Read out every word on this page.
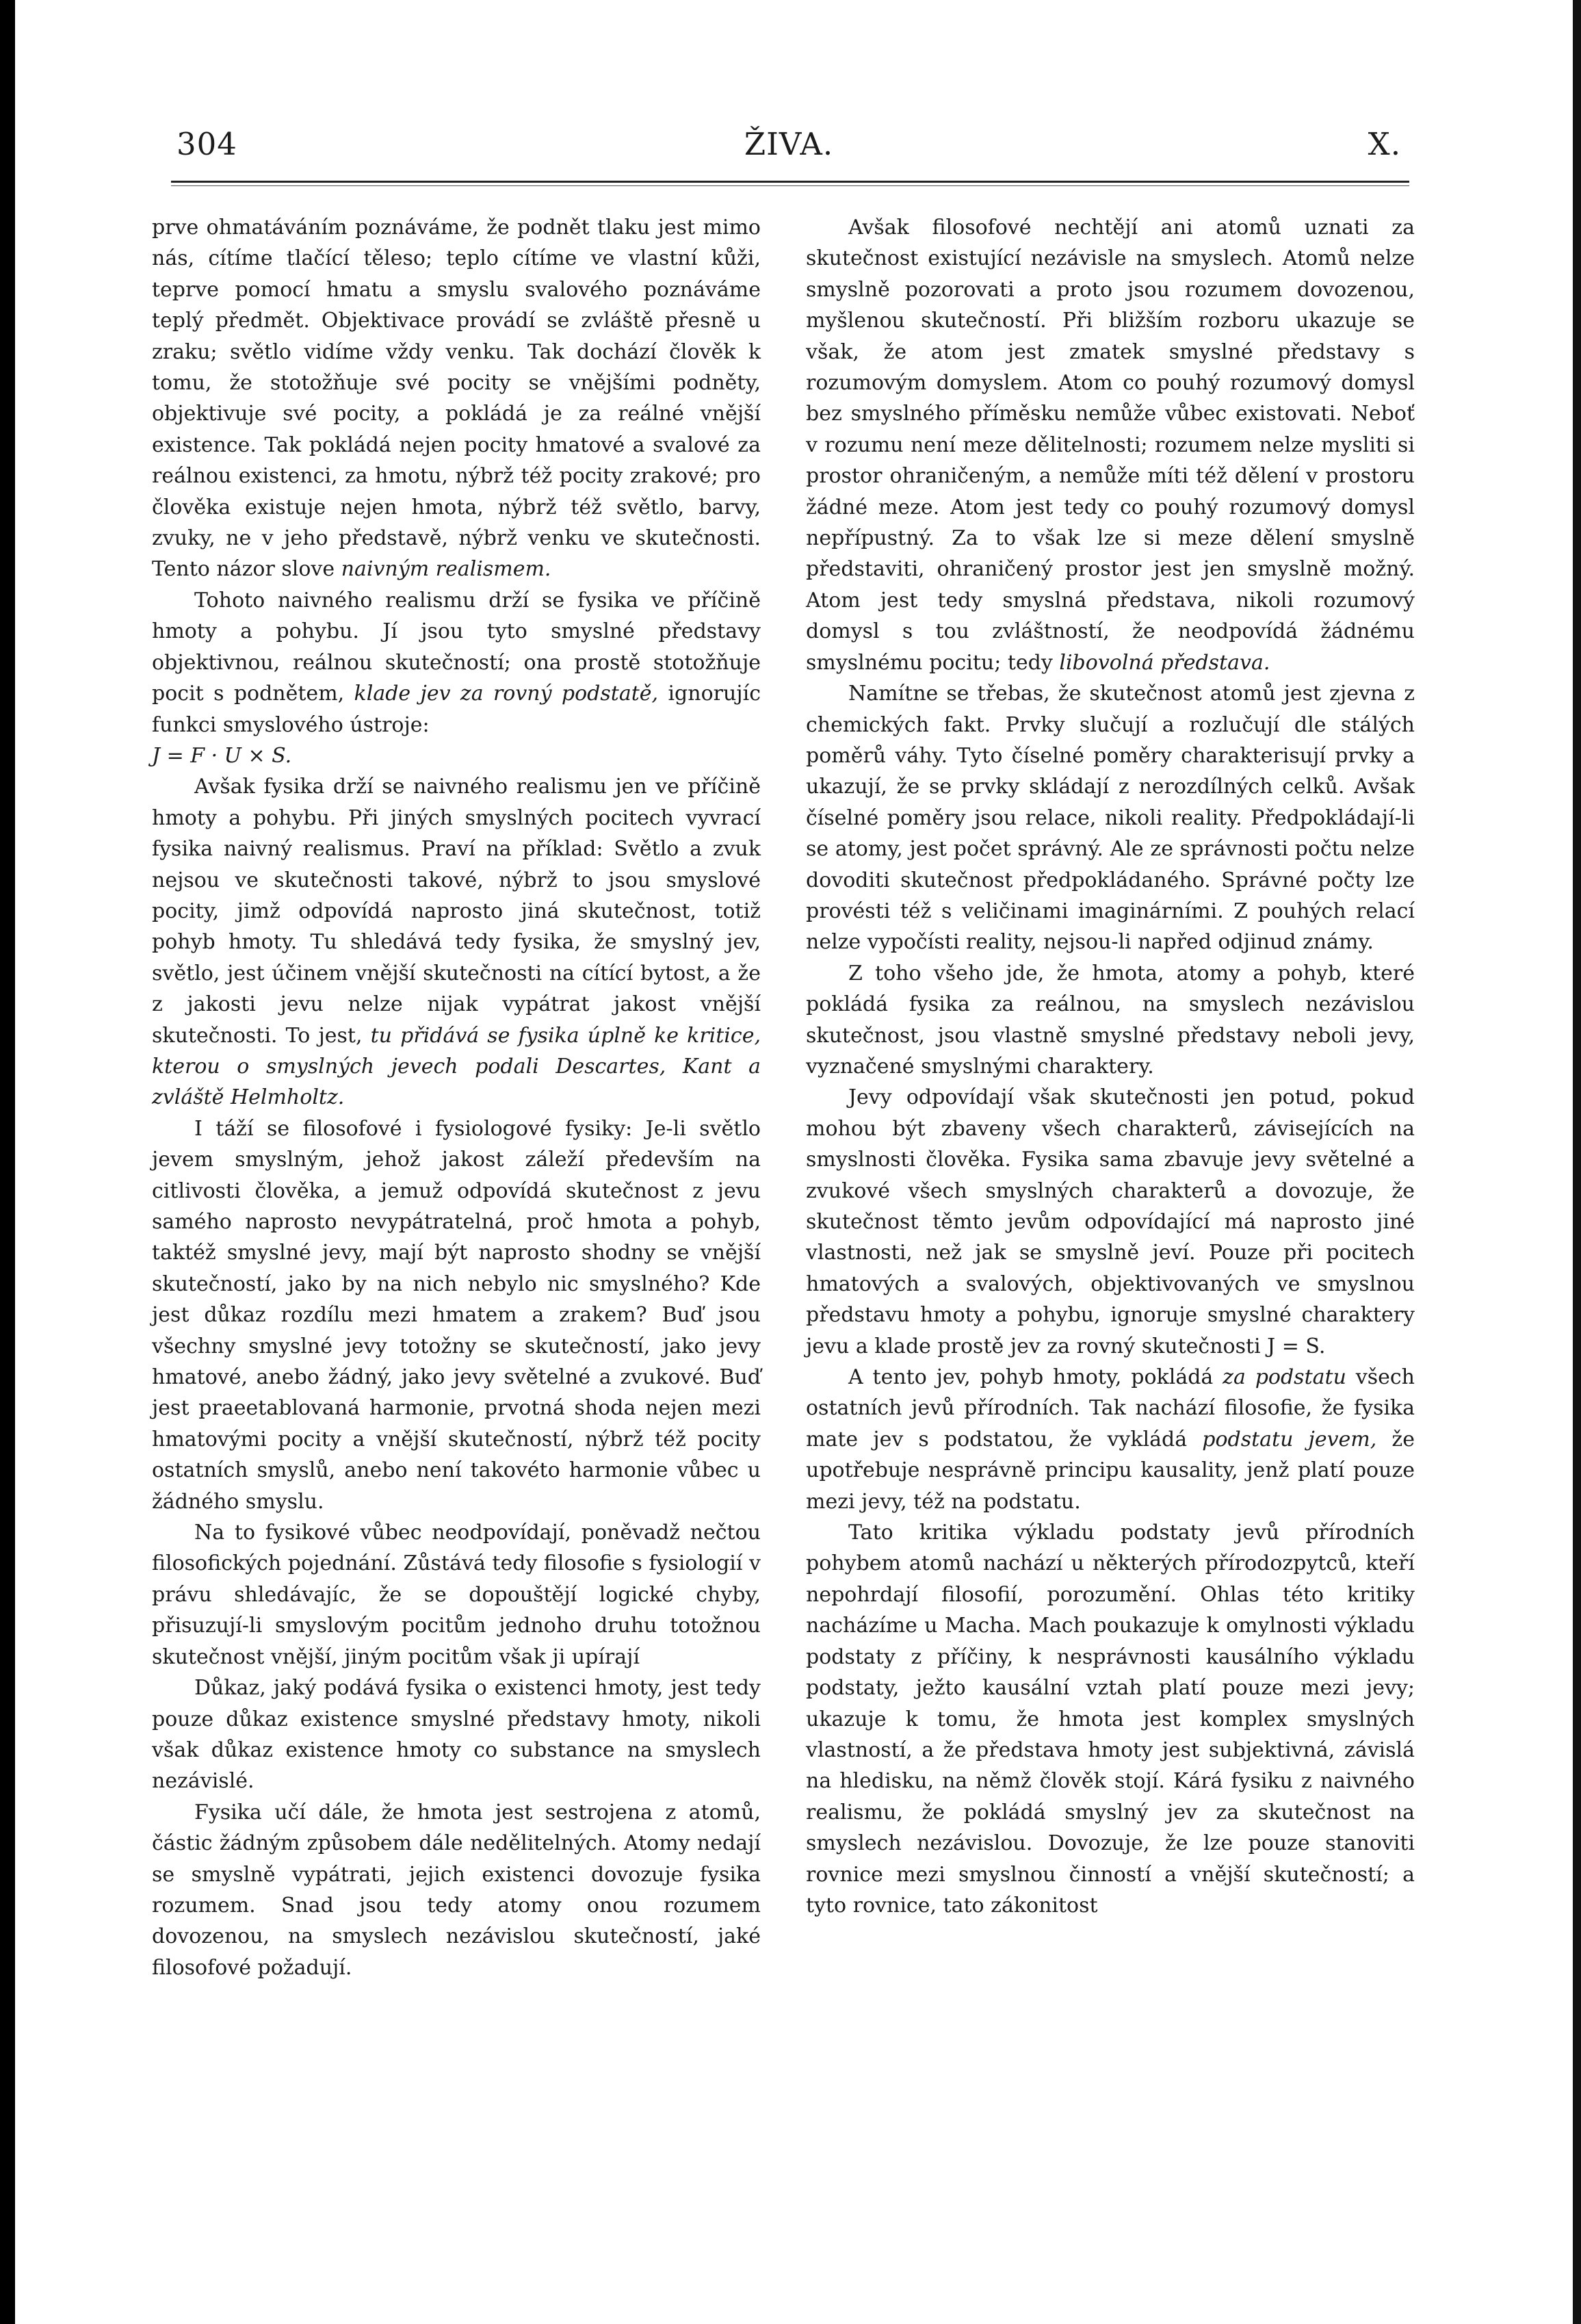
304	ŽIVA.	X.

prve ohmatáváním poznáváme, že podnět tlaku jest mimo nás, cítíme tlačící těleso; teplo cítíme ve vlastní kůži, teprve pomocí hmatu a smyslu svalového poznáváme teplý předmět. Objektivace provádí se zvláště přesně u zraku; světlo vidíme vždy venku. Tak dochází člověk k tomu, že stotožňuje své pocity se vnějšími podněty, objektivuje své pocity, a pokládá je za reálné vnější existence. Tak pokládá nejen pocity hmatové a svalové za reálnou existenci, za hmotu, nýbrž též pocity zrakové; pro člověka existuje nejen hmota, nýbrž též světlo, barvy, zvuky, ne v jeho představě, nýbrž venku ve skutečnosti. Tento názor slove naivným realismem.

Tohoto naivného realismu drží se fysika ve příčině hmoty a pohybu. Jí jsou tyto smyslné představy objektivnou, reálnou skutečností; ona prostě stotožňuje pocit s podnětem, klade jev za rovný podstatě, ignorujíc funkci smyslového ústroje:
J = F · U × S.

Avšak fysika drží se naivného realismu jen ve příčině hmoty a pohybu. Při jiných smyslných pocitech vyvrací fysika naivný realismus. Praví na příklad: Světlo a zvuk nejsou ve skutečnosti takové, nýbrž to jsou smyslové pocity, jimž odpovídá naprosto jiná skutečnost, totiž pohyb hmoty. Tu shledává tedy fysika, že smyslný jev, světlo, jest účinem vnější skutečnosti na cítící bytost, a že z jakosti jevu nelze nijak vypátrat jakost vnější skutečnosti. To jest, tu přidává se fysika úplně ke kritice, kterou o smyslných jevech podali Descartes, Kant a zvláště Helmholtz.

I táží se filosofové i fysiologové fysiky: Je-li světlo jevem smyslným, jehož jakost záleží především na citlivosti člověka, a jemuž odpovídá skutečnost z jevu samého naprosto nevypátratelná, proč hmota a pohyb, taktéž smyslné jevy, mají být naprosto shodny se vnější skutečností, jako by na nich nebylo nic smyslného? Kde jest důkaz rozdílu mezi hmatem a zrakem? Buď jsou všechny smyslné jevy totožny se skutečností, jako jevy hmatové, anebo žádný, jako jevy světelné a zvukové. Buď jest praeetablovaná harmonie, prvotná shoda nejen mezi hmatovými pocity a vnější skutečností, nýbrž též pocity ostatních smyslů, anebo není takovéto harmonie vůbec u žádného smyslu.

Na to fysikové vůbec neodpovídají, poněvadž nečtou filosofických pojednání. Zůstává tedy filosofie s fysiologií v právu shledávajíc, že se dopouštějí logické chyby, přisuzují-li smyslovým pocitům jednoho druhu totožnou skutečnost vnější, jiným pocitům však ji upírají

Důkaz, jaký podává fysika o existenci hmoty, jest tedy pouze důkaz existence smyslné představy hmoty, nikoli však důkaz existence hmoty co substance na smyslech nezávislé.

Fysika učí dále, že hmota jest sestrojena z atomů, částic žádným způsobem dále nedělitelných. Atomy nedají se smyslně vypátrati, jejich existenci dovozuje fysika rozumem. Snad jsou tedy atomy onou rozumem dovozenou, na smyslech nezávislou skutečností, jaké filosofové požadují.

Avšak filosofové nechtějí ani atomů uznati za skutečnost existující nezávisle na smyslech. Atomů nelze smyslně pozorovati a proto jsou rozumem dovozenou, myšlenou skutečností. Při bližším rozboru ukazuje se však, že atom jest zmatek smyslné představy s rozumovým domyslem. Atom co pouhý rozumový domysl bez smyslného příměsku nemůže vůbec existovati. Neboť v rozumu není meze dělitelnosti; rozumem nelze mysliti si prostor ohraničeným, a nemůže míti též dělení v prostoru žádné meze. Atom jest tedy co pouhý rozumový domysl nepřípustný. Za to však lze si meze dělení smyslně představiti, ohraničený prostor jest jen smyslně možný. Atom jest tedy smyslná představa, nikoli rozumový domysl s tou zvláštností, že neodpovídá žádnému smyslnému pocitu; tedy libovolná představa.

Namítne se třebas, že skutečnost atomů jest zjevna z chemických fakt. Prvky slučují a rozlučují dle stálých poměrů váhy. Tyto číselné poměry charakterisují prvky a ukazují, že se prvky skládají z nerozdílných celků. Avšak číselné poměry jsou relace, nikoli reality. Předpokládají-li se atomy, jest počet správný. Ale ze správnosti počtu nelze dovoditi skutečnost předpokládaného. Správné počty lze provésti též s veličinami imaginárními. Z pouhých relací nelze vypočísti reality, nejsou-li napřed odjinud známy.

Z toho všeho jde, že hmota, atomy a pohyb, které pokládá fysika za reálnou, na smyslech nezávislou skutečnost, jsou vlastně smyslné představy neboli jevy, vyznačené smyslnými charaktery.

Jevy odpovídají však skutečnosti jen potud, pokud mohou být zbaveny všech charakterů, závisejících na smyslnosti člověka. Fysika sama zbavuje jevy světelné a zvukové všech smyslných charakterů a dovozuje, že skutečnost těmto jevům odpovídající má naprosto jiné vlastnosti, než jak se smyslně jeví. Pouze při pocitech hmatových a svalových, objektivovaných ve smyslnou představu hmoty a pohybu, ignoruje smyslné charaktery jevu a klade prostě jev za rovný skutečnosti J = S.

A tento jev, pohyb hmoty, pokládá za podstatu všech ostatních jevů přírodních. Tak nachází filosofie, že fysika mate jev s podstatou, že vykládá podstatu jevem, že upotřebuje nesprávně principu kausality, jenž platí pouze mezi jevy, též na podstatu.

Tato kritika výkladu podstaty jevů přírodních pohybem atomů nachází u některých přírodozpytců, kteří nepohrdají filosofií, porozumění. Ohlas této kritiky nacházíme u Macha. Mach poukazuje k omylnosti výkladu podstaty z příčiny, k nesprávnosti kausálního výkladu podstaty, ježto kausální vztah platí pouze mezi jevy; ukazuje k tomu, že hmota jest komplex smyslných vlastností, a že představa hmoty jest subjektivná, závislá na hledisku, na němž člověk stojí. Kárá fysiku z naivného realismu, že pokládá smyslný jev za skutečnost na smyslech nezávislou. Dovozuje, že lze pouze stanoviti rovnice mezi smyslnou činností a vnější skutečností; a tyto rovnice, tato zákonitost
